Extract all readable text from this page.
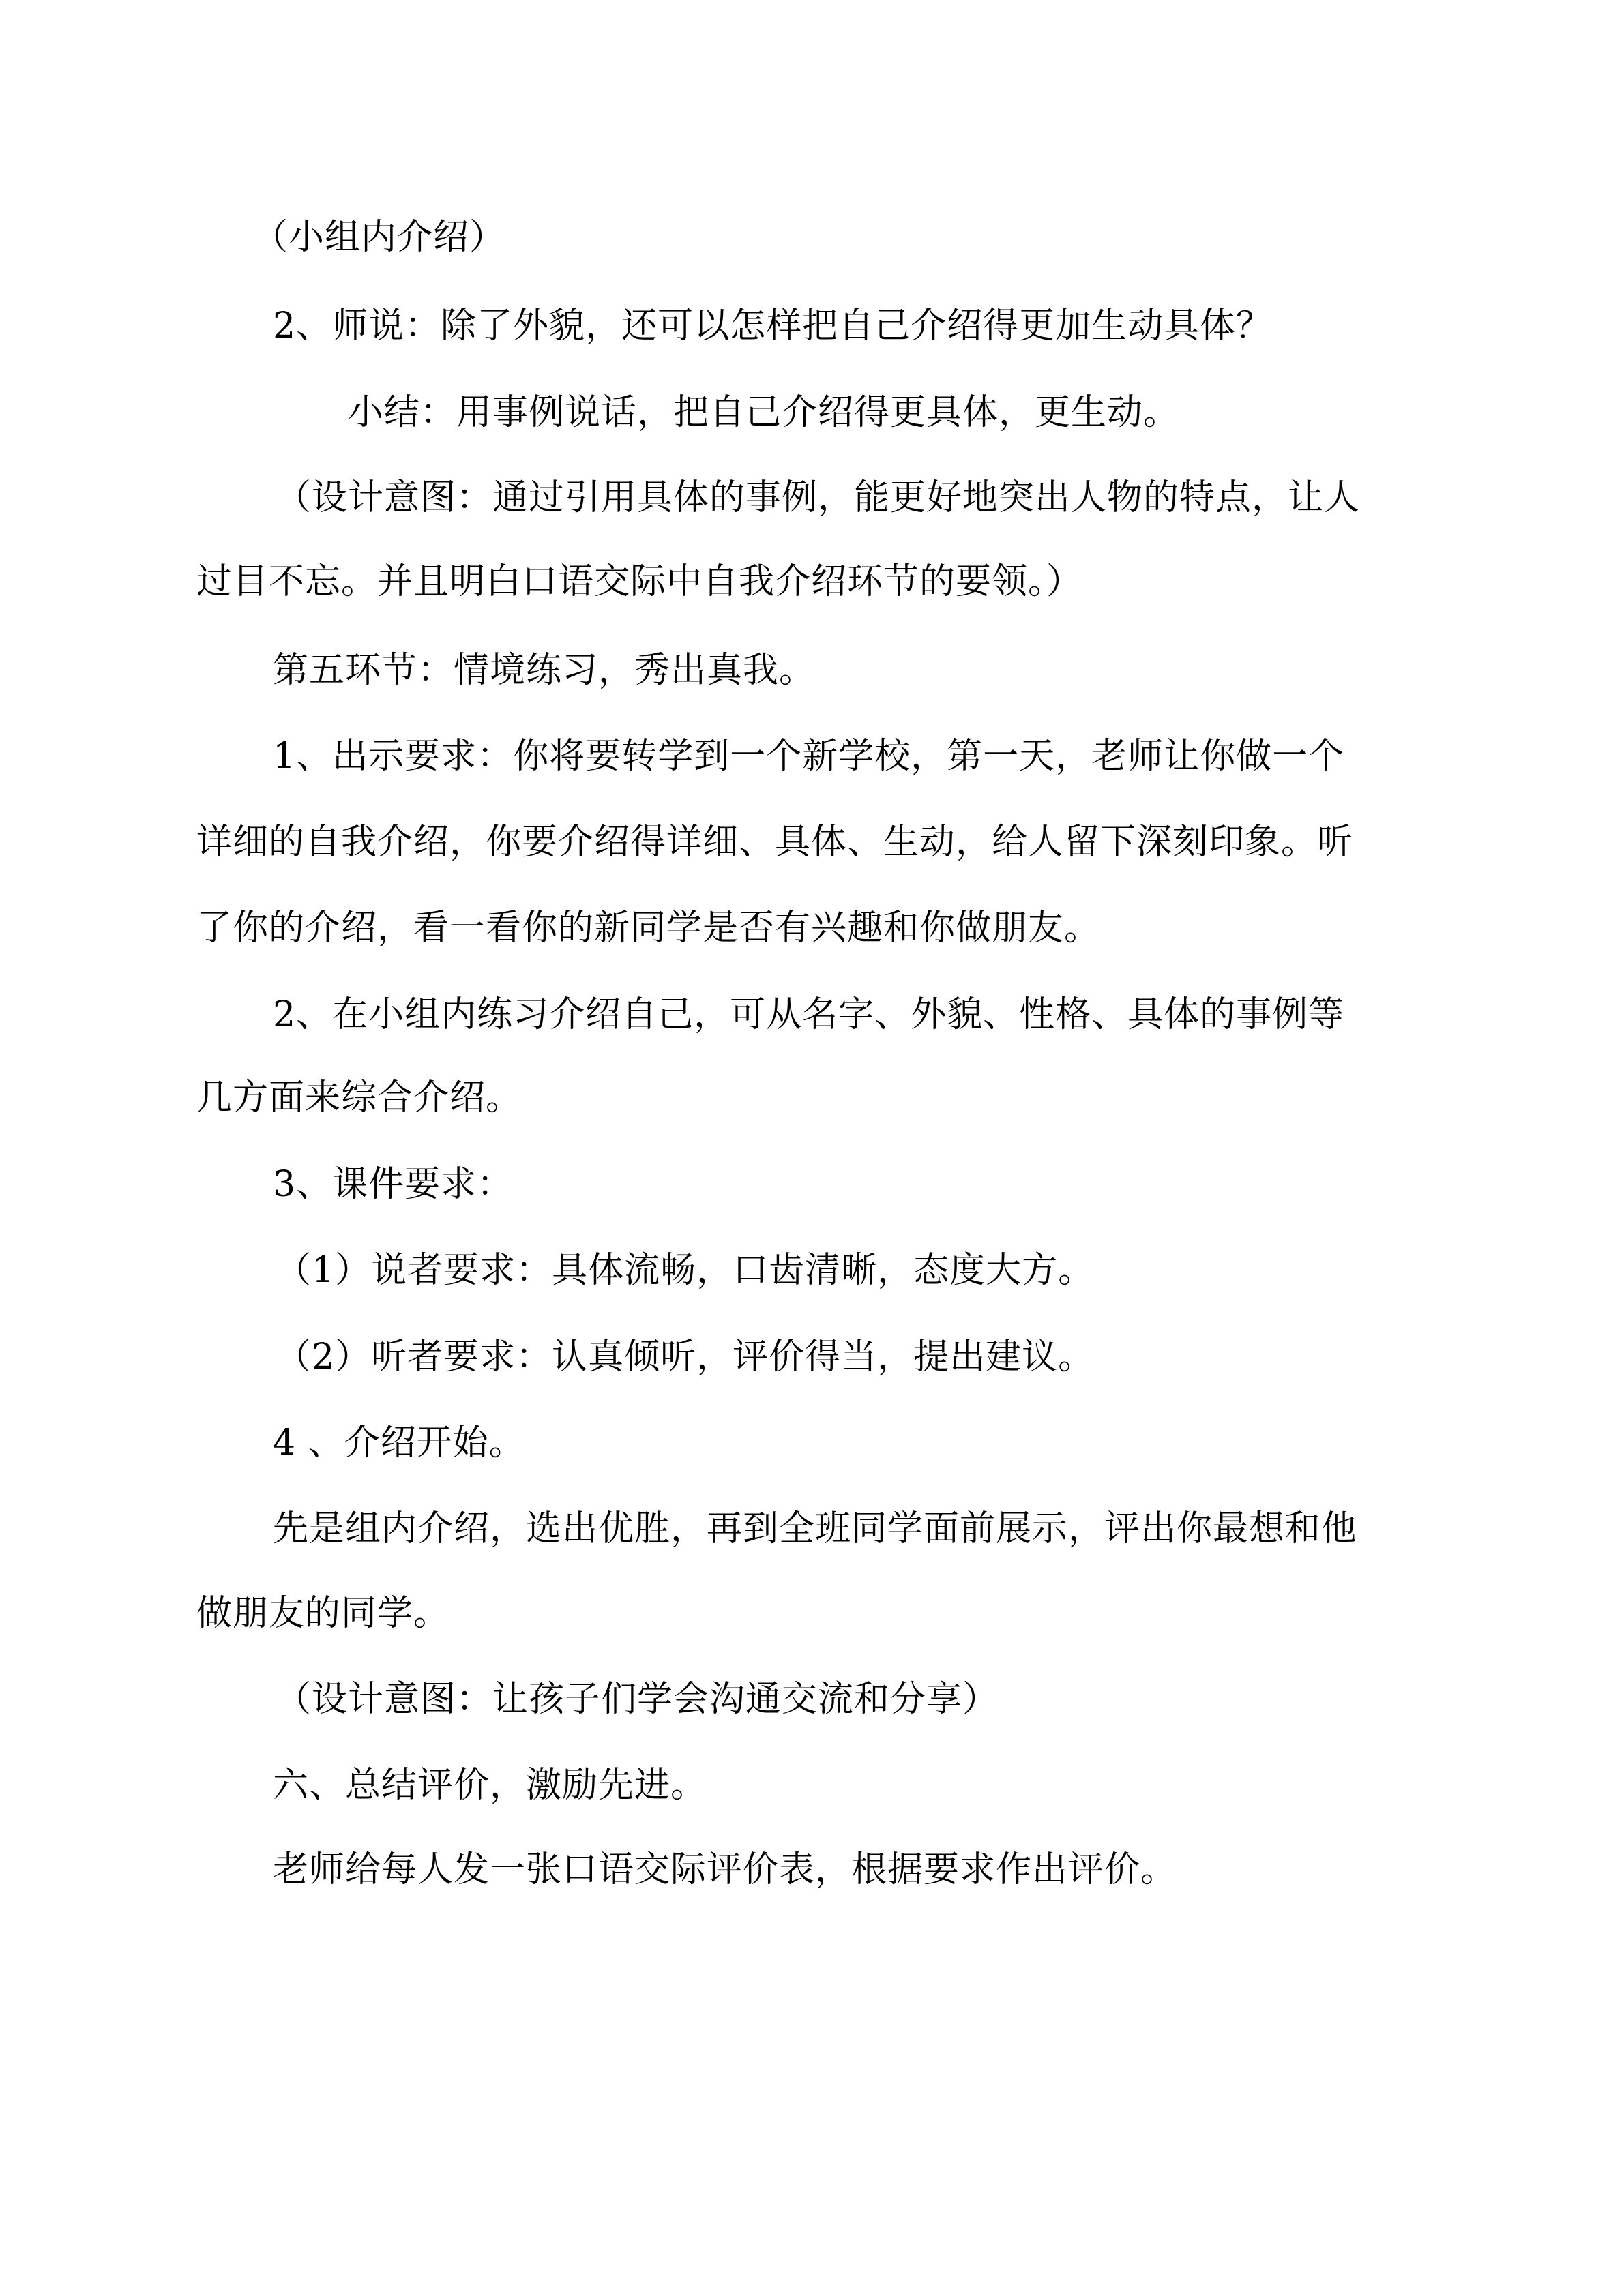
（小组内介绍）

2、师说：除了外貌，还可以怎样把自己介绍得更加生动具体？

小结：用事例说话，把自己介绍得更具体，更生动。

（设计意图：通过引用具体的事例，能更好地突出人物的特点，让人

过目不忘。并且明白口语交际中自我介绍环节的要领。）

第五环节：情境练习，秀出真我。

1、出示要求：你将要转学到一个新学校，第一天，老师让你做一个

详细的自我介绍，你要介绍得详细、具体、生动，给人留下深刻印象。听

了你的介绍，看一看你的新同学是否有兴趣和你做朋友。

2、在小组内练习介绍自己，可从名字、外貌、性格、具体的事例等

几方面来综合介绍。

3、课件要求：

（1）说者要求：具体流畅，口齿清晰，态度大方。

（2）听者要求：认真倾听，评价得当，提出建议。

4 、介绍开始。

先是组内介绍，选出优胜，再到全班同学面前展示，评出你最想和他

做朋友的同学。

（设计意图：让孩子们学会沟通交流和分享）

六、总结评价，激励先进。

老师给每人发一张口语交际评价表，根据要求作出评价。
